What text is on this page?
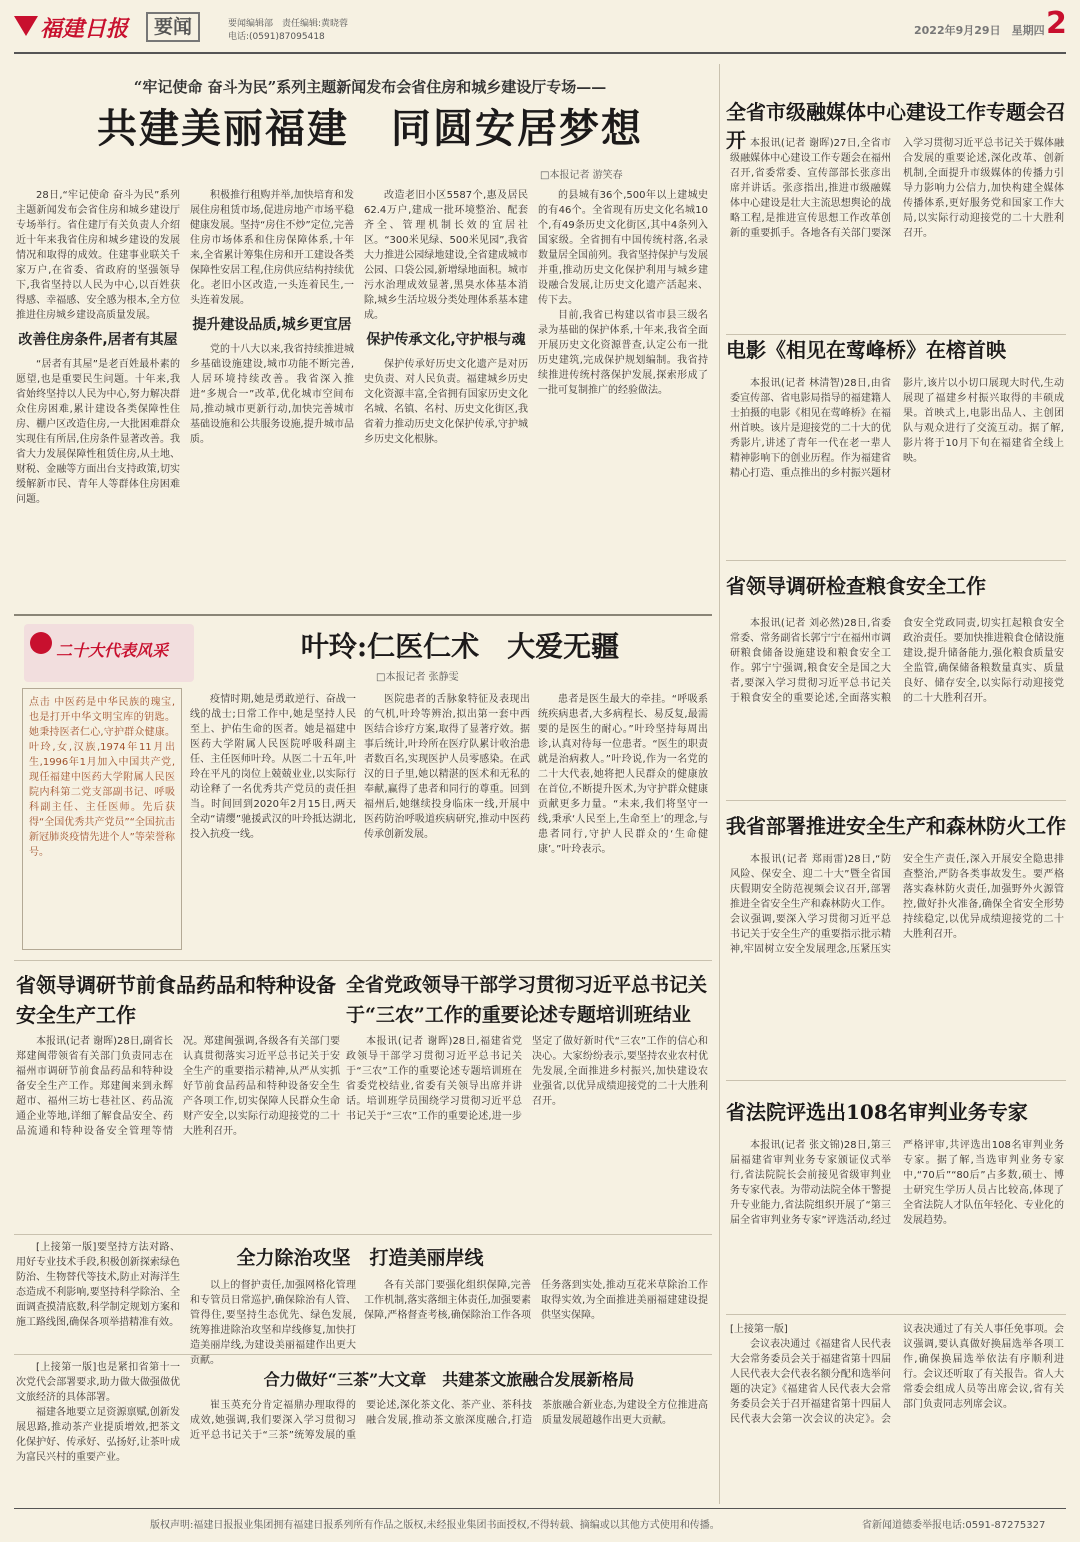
福建日报	要闻	要闻编辑部　责任编辑:黄晓蓉
电话:(0591)87095418	2022年9月29日　星期四 2
“牢记使命 奋斗为民”系列主题新闻发布会省住房和城乡建设厅专场——
共建美丽福建　同圆安居梦想
□本报记者 游笑春

28日,“牢记使命 奋斗为民”系列主题新闻发布会省住房和城乡建设厅专场举行。省住建厅有关负责人介绍近十年来我省住房和城乡建设的发展情况和取得的成效。住建事业联关千家万户,在省委、省政府的坚强领导下,我省坚持以人民为中心,以百姓获得感、幸福感、安全感为根本,全方位推进住房城乡建设高质量发展。

改善住房条件,居者有其屋

“居者有其屋”是老百姓最朴素的愿望,也是重要民生问题。十年来,我省始终坚持以人民为中心,努力解决群众住房困难,累计建设各类保障性住房、棚户区改造住房,一大批困难群众实现住有所居,住房条件显著改善。我省大力发展保障性租赁住房,从土地、财税、金融等方面出台支持政策,切实缓解新市民、青年人等群体住房困难问题。

积极推行租购并举,加快培育和发展住房租赁市场,促进房地产市场平稳健康发展。坚持“房住不炒”定位,完善住房市场体系和住房保障体系,十年来,全省累计筹集住房和开工建设各类保障性安居工程,住房供应结构持续优化。老旧小区改造,一头连着民生,一头连着发展。

提升建设品质,城乡更宜居

党的十八大以来,我省持续推进城乡基础设施建设,城市功能不断完善,人居环境持续改善。我省深入推进“多规合一”改革,优化城市空间布局,推动城市更新行动,加快完善城市基础设施和公共服务设施,提升城市品质。

改造老旧小区5587个,惠及居民62.4万户,建成一批环境整治、配套齐全、管理机制长效的宜居社区。“300米见绿、500米见园”,我省大力推进公园绿地建设,全省建成城市公园、口袋公园,新增绿地面积。城市污水治理成效显著,黑臭水体基本消除,城乡生活垃圾分类处理体系基本建成。

保护传承文化,守护根与魂

保护传承好历史文化遗产是对历史负责、对人民负责。福建城乡历史文化资源丰富,全省拥有国家历史文化名城、名镇、名村、历史文化街区,我省着力推动历史文化保护传承,守护城乡历史文化根脉。

的县城有36个,500年以上建城史的有46个。全省现有历史文化名城10个,有49条历史文化街区,其中4条列入国家级。全省拥有中国传统村落,名录数量居全国前列。我省坚持保护与发展并重,推动历史文化保护利用与城乡建设融合发展,让历史文化遗产活起来、传下去。

目前,我省已构建以省市县三级名录为基础的保护体系,十年来,我省全面开展历史文化资源普查,认定公布一批历史建筑,完成保护规划编制。我省持续推进传统村落保护发展,探索形成了一批可复制推广的经验做法。

全省市级融媒体中心建设工作专题会召开 本报讯(记者 谢晖)27日,全省市级融媒体中心建设工作专题会在福州召开,省委常委、宣传部部长张彦出席并讲话。张彦指出,推进市级融媒体中心建设是壮大主流思想舆论的战略工程,是推进宣传思想工作改革创新的重要抓手。各地各有关部门要深入学习贯彻习近平总书记关于媒体融合发展的重要论述,深化改革、创新机制,全面提升市级媒体的传播力引导力影响力公信力,加快构建全媒体传播体系,更好服务党和国家工作大局,以实际行动迎接党的二十大胜利召开。

电影《相见在莺峰桥》在榕首映

本报讯(记者 林清智)28日,由省委宣传部、省电影局指导的福建籍人士拍摄的电影《相见在莺峰桥》在福州首映。该片是迎接党的二十大的优秀影片,讲述了青年一代在老一辈人精神影响下的创业历程。作为福建省精心打造、重点推出的乡村振兴题材影片,该片以小切口展现大时代,生动展现了福建乡村振兴取得的丰硕成果。首映式上,电影出品人、主创团队与观众进行了交流互动。据了解,影片将于10月下旬在福建省全线上映。

省领导调研检查粮食安全工作

本报讯(记者 刘必然)28日,省委常委、常务副省长郭宁宁在福州市调研粮食储备设施建设和粮食安全工作。郭宁宁强调,粮食安全是国之大者,要深入学习贯彻习近平总书记关于粮食安全的重要论述,全面落实粮食安全党政同责,切实扛起粮食安全政治责任。要加快推进粮食仓储设施建设,提升储备能力,强化粮食质量安全监管,确保储备粮数量真实、质量良好、储存安全,以实际行动迎接党的二十大胜利召开。

我省部署推进安全生产和森林防火工作

本报讯(记者 郑雨雷)28日,“防风险、保安全、迎二十大”暨全省国庆假期安全防范视频会议召开,部署推进全省安全生产和森林防火工作。会议强调,要深入学习贯彻习近平总书记关于安全生产的重要指示批示精神,牢固树立安全发展理念,压紧压实安全生产责任,深入开展安全隐患排查整治,严防各类事故发生。要严格落实森林防火责任,加强野外火源管控,做好扑火准备,确保全省安全形势持续稳定,以优异成绩迎接党的二十大胜利召开。

省法院评选出108名审判业务专家

本报讯(记者 张文锦)28日,第三届福建省审判业务专家颁证仪式举行,省法院院长会前接见省级审判业务专家代表。为带动法院全体干警提升专业能力,省法院组织开展了“第三届全省审判业务专家”评选活动,经过严格评审,共评选出108名审判业务专家。据了解,当选审判业务专家中,“70后”“80后”占多数,硕士、博士研究生学历人员占比较高,体现了全省法院人才队伍年轻化、专业化的发展趋势。

[上接第一版]

会议表决通过《福建省人民代表大会常务委员会关于福建省第十四届人民代表大会代表名额分配和选举问题的决定》《福建省人民代表大会常务委员会关于召开福建省第十四届人民代表大会第一次会议的决定》。会议表决通过了有关人事任免事项。会议强调,要认真做好换届选举各项工作,确保换届选举依法有序顺利进行。会议还听取了有关报告。省人大常委会组成人员等出席会议,省有关部门负责同志列席会议。

二十大代表风采	叶玲:仁医仁术　大爱无疆
□本报记者 张静雯
点击 中医药是中华民族的瑰宝,也是打开中华文明宝库的钥匙。她秉持医者仁心,守护群众健康。叶玲,女,汉族,1974年11月出生,1996年1月加入中国共产党,现任福建中医药大学附属人民医院内科第二党支部副书记、呼吸科副主任、主任医师。先后获得“全国优秀共产党员”“全国抗击新冠肺炎疫情先进个人”等荣誉称号。

疫情时期,她是勇敢逆行、奋战一线的战士;日常工作中,她是坚持人民至上、护佑生命的医者。她是福建中医药大学附属人民医院呼吸科副主任、主任医师叶玲。从医二十五年,叶玲在平凡的岗位上兢兢业业,以实际行动诠释了一名优秀共产党员的责任担当。时间回到2020年2月15日,两天全动“请缨”驰援武汉的叶玲抵达湖北,投入抗疫一线。

医院患者的舌脉象特征及表现出的气机,叶玲等辨治,拟出第一套中西医结合诊疗方案,取得了显著疗效。据事后统计,叶玲所在医疗队累计收治患者数百名,实现医护人员零感染。在武汉的日子里,她以精湛的医术和无私的奉献,赢得了患者和同行的尊重。回到福州后,她继续投身临床一线,开展中医药防治呼吸道疾病研究,推动中医药传承创新发展。

患者是医生最大的牵挂。“呼吸系统疾病患者,大多病程长、易反复,最需要的是医生的耐心。”叶玲坚持每周出诊,认真对待每一位患者。“医生的职责就是治病救人。”叶玲说,作为一名党的二十大代表,她将把人民群众的健康放在首位,不断提升医术,为守护群众健康贡献更多力量。“未来,我们将坚守一线,秉承‘人民至上,生命至上’的理念,与患者同行,守护人民群众的‘生命健康’。”叶玲表示。

省领导调研节前食品药品和特种设备安全生产工作

本报讯(记者 谢晖)28日,副省长郑建闽带领省有关部门负责同志在福州市调研节前食品药品和特种设备安全生产工作。郑建闽来到永辉超市、福州三坊七巷社区、药品流通企业等地,详细了解食品安全、药品流通和特种设备安全管理等情况。郑建闽强调,各级各有关部门要认真贯彻落实习近平总书记关于安全生产的重要指示精神,从严从实抓好节前食品药品和特种设备安全生产各项工作,切实保障人民群众生命财产安全,以实际行动迎接党的二十大胜利召开。

全省党政领导干部学习贯彻习近平总书记关于“三农”工作的重要论述专题培训班结业

本报讯(记者 谢晖)28日,福建省党政领导干部学习贯彻习近平总书记关于“三农”工作的重要论述专题培训班在省委党校结业,省委有关领导出席并讲话。培训班学员围绕学习贯彻习近平总书记关于“三农”工作的重要论述,进一步坚定了做好新时代“三农”工作的信心和决心。大家纷纷表示,要坚持农业农村优先发展,全面推进乡村振兴,加快建设农业强省,以优异成绩迎接党的二十大胜利召开。

[上接第一版]要坚持方法对路、用好专业技术手段,积极创新探索绿色防治、生物替代等技术,防止对海洋生态造成不利影响,要坚持科学除治、全面调查摸清底数,科学制定规划方案和施工路线图,确保各项举措精准有效。

全力除治攻坚　打造美丽岸线

以上的督护责任,加强网格化管理和专管员日常巡护,确保除治有人管、管得住,要坚持生态优先、绿色发展,统筹推进除治攻坚和岸线修复,加快打造美丽岸线,为建设美丽福建作出更大贡献。

各有关部门要强化组织保障,完善工作机制,落实落细主体责任,加强要素保障,严格督查考核,确保除治工作各项任务落到实处,推动互花米草除治工作取得实效,为全面推进美丽福建建设提供坚实保障。

[上接第一版]也是紧扣省第十一次党代会部署要求,助力做大做强做优文旅经济的具体部署。

福建各地要立足资源禀赋,创新发展思路,推动茶产业提质增效,把茶文化保护好、传承好、弘扬好,让茶叶成为富民兴村的重要产业。

合力做好“三茶”大文章　共建茶文旅融合发展新格局

崔玉英充分肯定福鼎办理取得的成效,她强调,我们要深入学习贯彻习近平总书记关于“三茶”统筹发展的重要论述,深化茶文化、茶产业、茶科技融合发展,推动茶文旅深度融合,打造茶旅融合新业态,为建设全方位推进高质量发展超越作出更大贡献。

版权声明:福建日报报业集团拥有福建日报系列所有作品之版权,未经报业集团书面授权,不得转载、摘编或以其他方式使用和传播。	省新闻道德委举报电话:0591-87275327
